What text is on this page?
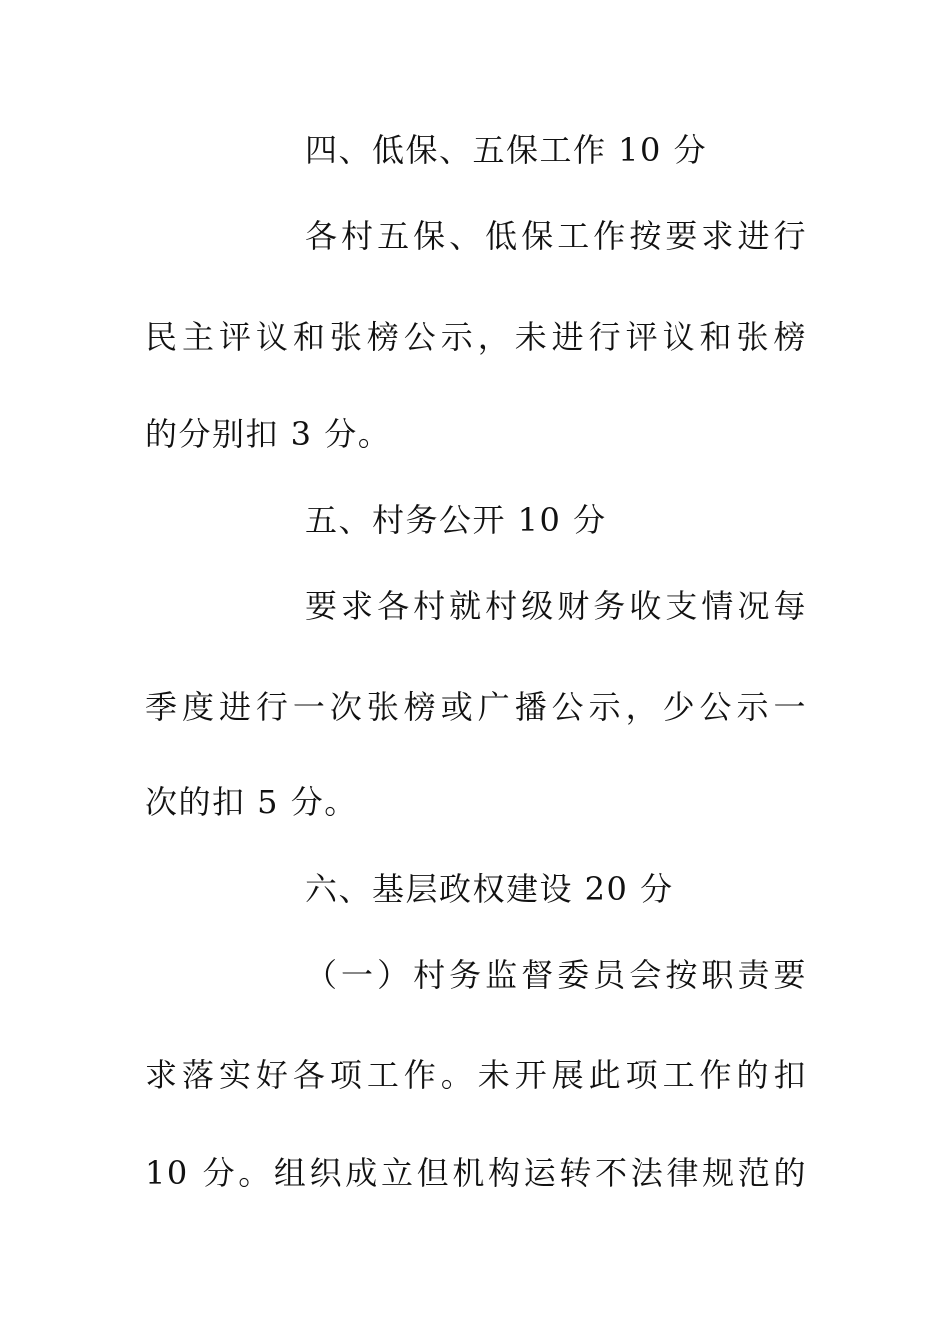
四、低保、五保工作 10 分
各村五保、低保工作按要求进行
民主评议和张榜公示，未进行评议和张榜
的分别扣 3 分。
五、村务公开 10 分
要求各村就村级财务收支情况每
季度进行一次张榜或广播公示，少公示一
次的扣 5 分。
六、基层政权建设 20 分
（一）村务监督委员会按职责要
求落实好各项工作。未开展此项工作的扣
10 分。组织成立但机构运转不法律规范的
